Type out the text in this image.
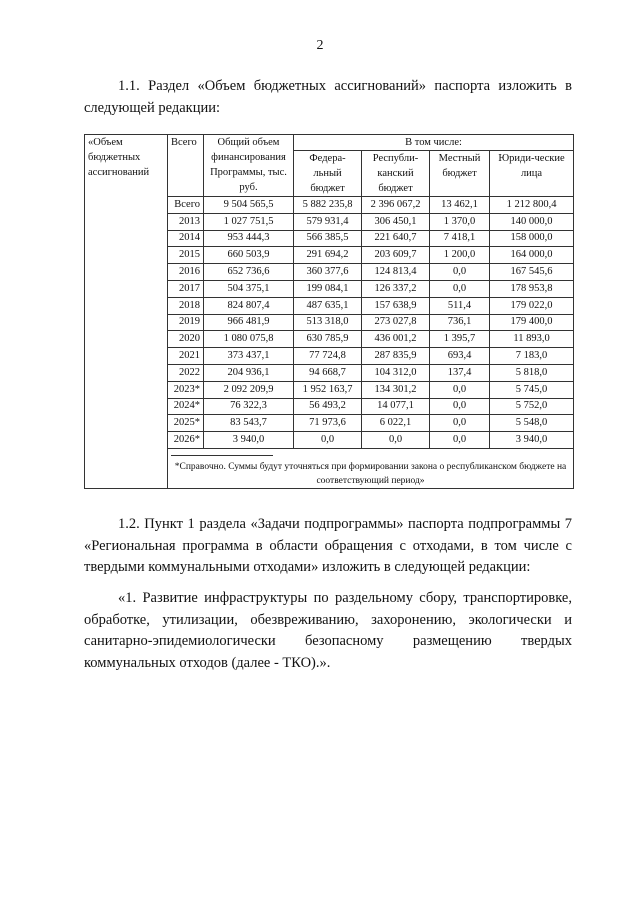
2
1.1. Раздел «Объем бюджетных ассигнований» паспорта изложить в следующей редакции:
«Объем бюджетных ассигнований	Всего	Общий объем финансирования Программы, тыс. руб.	В том числе:			
			Федера-льный бюджет	Республи-канский бюджет	Местный бюджет	Юриди-ческие лица
	Всего	9 504 565,5	5 882 235,8	2 396 067,2	13 462,1	1 212 800,4
	2013	1 027 751,5	579 931,4	306 450,1	1 370,0	140 000,0
	2014	953 444,3	566 385,5	221 640,7	7 418,1	158 000,0
	2015	660 503,9	291 694,2	203 609,7	1 200,0	164 000,0
	2016	652 736,6	360 377,6	124 813,4	0,0	167 545,6
	2017	504 375,1	199 084,1	126 337,2	0,0	178 953,8
	2018	824 807,4	487 635,1	157 638,9	511,4	179 022,0
	2019	966 481,9	513 318,0	273 027,8	736,1	179 400,0
	2020	1 080 075,8	630 785,9	436 001,2	1 395,7	11 893,0
	2021	373 437,1	77 724,8	287 835,9	693,4	7 183,0
	2022	204 936,1	94 668,7	104 312,0	137,4	5 818,0
	2023*	2 092 209,9	1 952 163,7	134 301,2	0,0	5 745,0
	2024*	76 322,3	56 493,2	14 077,1	0,0	5 752,0
	2025*	83 543,7	71 973,6	6 022,1	0,0	5 548,0
	2026*	3 940,0	0,0	0,0	0,0	3 940,0

	*Справочно. Суммы будут уточняться при формировании закона о республиканском бюджете на соответствующий период»					
1.2. Пункт 1 раздела «Задачи подпрограммы» паспорта подпрограммы 7 «Региональная программа в области обращения с отходами, в том числе с твердыми коммунальными отходами» изложить в следующей редакции:
«1. Развитие инфраструктуры по раздельному сбору, транспортировке, обработке, утилизации, обезвреживанию, захоронению, экологически и санитарно-эпидемиологически безопасному размещению твердых коммунальных отходов (далее - ТКО).».
